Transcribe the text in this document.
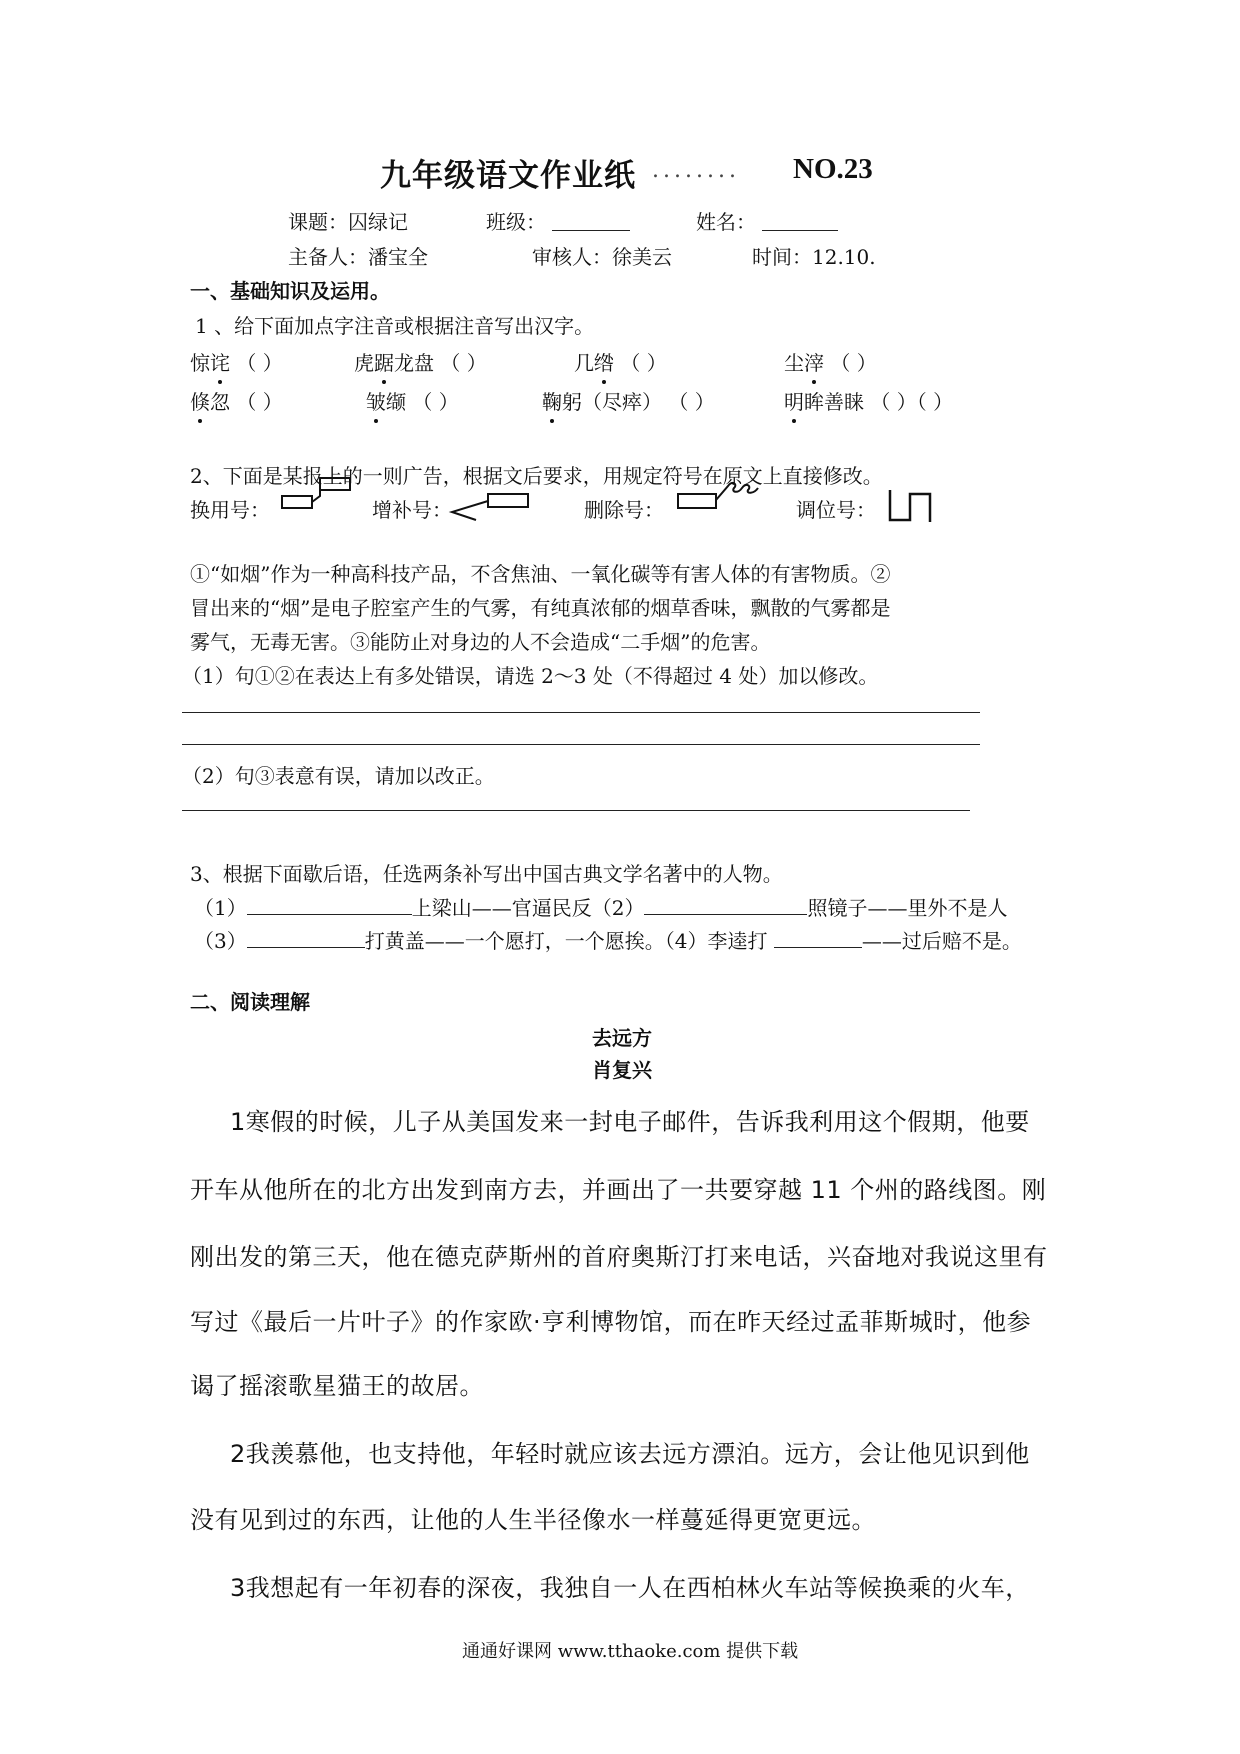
九年级语文作业纸 ........ NO.23
课题：囚绿记	班级：	姓名：
主备人：潘宝全	审核人：徐美云	时间：12.10.
一、基础知识及运用。
1 、给下面加点字注音或根据注音写出汉字。
惊诧 （ ）	虎踞龙盘 （ ）	几绺 （ ）	尘滓 （ ）
倏忽 （ ）	皱缬 （ ）	鞠躬（尽瘁） （ ）	明眸善睐 （ ）（ ）
2、下面是某报上的一则广告，根据文后要求，用规定符号在原文上直接修改。
换用号：	增补号：	删除号：	调位号：
①“如烟”作为一种高科技产品，不含焦油、一氧化碳等有害人体的有害物质。②
冒出来的“烟”是电子腔室产生的气雾，有纯真浓郁的烟草香味，飘散的气雾都是
雾气，无毒无害。③能防止对身边的人不会造成“二手烟”的危害。
（1）句①②在表达上有多处错误，请选 2～3 处（不得超过 4 处）加以修改。
（2）句③表意有误，请加以改正。
3、根据下面歇后语，任选两条补写出中国古典文学名著中的人物。
（1）	上梁山——官逼民反（2）	照镜子——里外不是人
（3）	打黄盖——一个愿打，一个愿挨。（4）李逵打	——过后赔不是。
二、阅读理解
去远方
肖复兴
1寒假的时候，儿子从美国发来一封电子邮件，告诉我利用这个假期，他要
开车从他所在的北方出发到南方去，并画出了一共要穿越 11 个州的路线图。刚
刚出发的第三天，他在德克萨斯州的首府奥斯汀打来电话，兴奋地对我说这里有
写过《最后一片叶子》的作家欧·亨利博物馆，而在昨天经过孟菲斯城时，他参
谒了摇滚歌星猫王的故居。
2我羡慕他，也支持他，年轻时就应该去远方漂泊。远方，会让他见识到他
没有见到过的东西，让他的人生半径像水一样蔓延得更宽更远。
3我想起有一年初春的深夜，我独自一人在西柏林火车站等候换乘的火车，
通通好课网 www.tthaoke.com 提供下载
